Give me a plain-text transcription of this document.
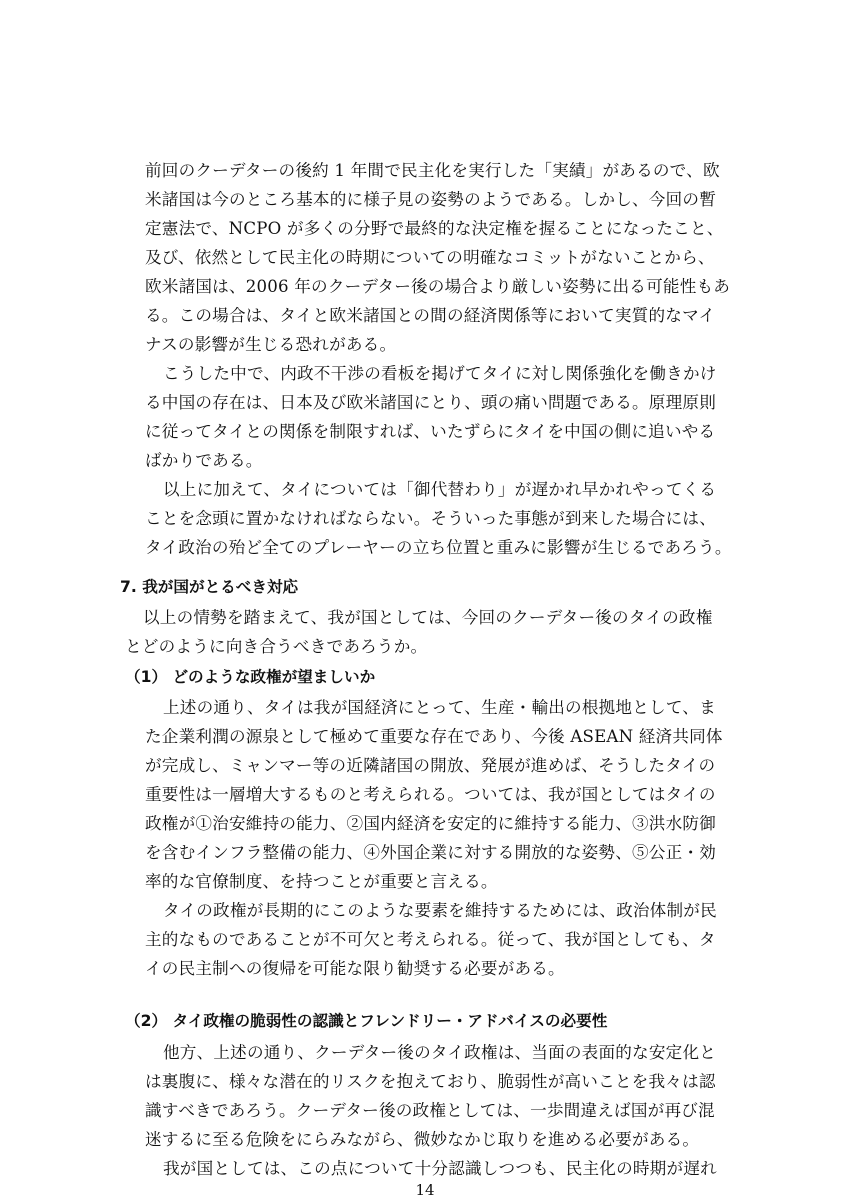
前回のクーデターの後約 1 年間で民主化を実行した「実績」があるので、欧
米諸国は今のところ基本的に様子見の姿勢のようである。しかし、今回の暫
定憲法で、NCPO が多くの分野で最終的な決定権を握ることになったこと、
及び、依然として民主化の時期についての明確なコミットがないことから、
欧米諸国は、2006 年のクーデター後の場合より厳しい姿勢に出る可能性もあ
る。この場合は、タイと欧米諸国との間の経済関係等において実質的なマイ
ナスの影響が生じる恐れがある。
こうした中で、内政不干渉の看板を掲げてタイに対し関係強化を働きかけ
る中国の存在は、日本及び欧米諸国にとり、頭の痛い問題である。原理原則
に従ってタイとの関係を制限すれば、いたずらにタイを中国の側に追いやる
ばかりである。
以上に加えて、タイについては「御代替わり」が遅かれ早かれやってくる
ことを念頭に置かなければならない。そういった事態が到来した場合には、
タイ政治の殆ど全てのプレーヤーの立ち位置と重みに影響が生じるであろう。
7. 我が国がとるべき対応
以上の情勢を踏まえて、我が国としては、今回のクーデター後のタイの政権
とどのように向き合うべきであろうか。
（1） どのような政権が望ましいか
上述の通り、タイは我が国経済にとって、生産・輸出の根拠地として、ま
た企業利潤の源泉として極めて重要な存在であり、今後 ASEAN 経済共同体
が完成し、ミャンマー等の近隣諸国の開放、発展が進めば、そうしたタイの
重要性は一層増大するものと考えられる。ついては、我が国としてはタイの
政権が①治安維持の能力、②国内経済を安定的に維持する能力、③洪水防御
を含むインフラ整備の能力、④外国企業に対する開放的な姿勢、⑤公正・効
率的な官僚制度、を持つことが重要と言える。
タイの政権が長期的にこのような要素を維持するためには、政治体制が民
主的なものであることが不可欠と考えられる。従って、我が国としても、タ
イの民主制への復帰を可能な限り勧奨する必要がある。
（2） タイ政権の脆弱性の認識とフレンドリー・アドバイスの必要性
他方、上述の通り、クーデター後のタイ政権は、当面の表面的な安定化と
は裏腹に、様々な潜在的リスクを抱えており、脆弱性が高いことを我々は認
識すべきであろう。クーデター後の政権としては、一歩間違えば国が再び混
迷するに至る危険をにらみながら、微妙なかじ取りを進める必要がある。
我が国としては、この点について十分認識しつつも、民主化の時期が遅れ
14
